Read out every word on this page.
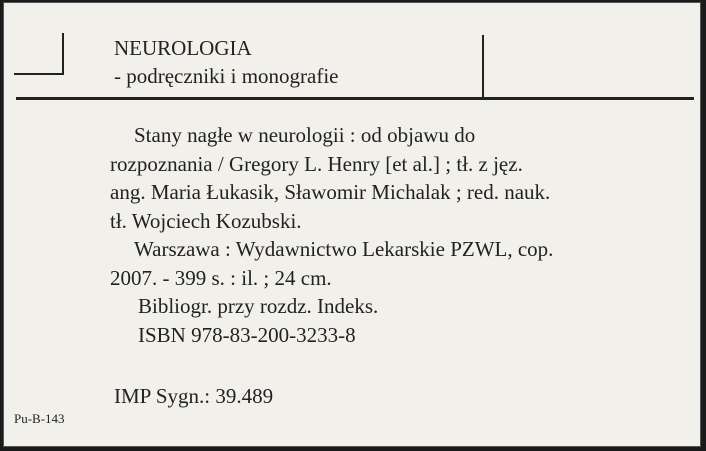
NEUROLOGIA
- podręczniki i monografie
Stany nagłe w neurologii : od objawu do
rozpoznania / Gregory L. Henry [et al.] ; tł. z jęz.
ang. Maria Łukasik, Sławomir Michalak ; red. nauk.
tł. Wojciech Kozubski.
Warszawa : Wydawnictwo Lekarskie PZWL, cop.
2007. - 399 s. : il. ; 24 cm.
Bibliogr. przy rozdz. Indeks.
ISBN 978-83-200-3233-8
IMP Sygn.: 39.489
Pu-B-143
